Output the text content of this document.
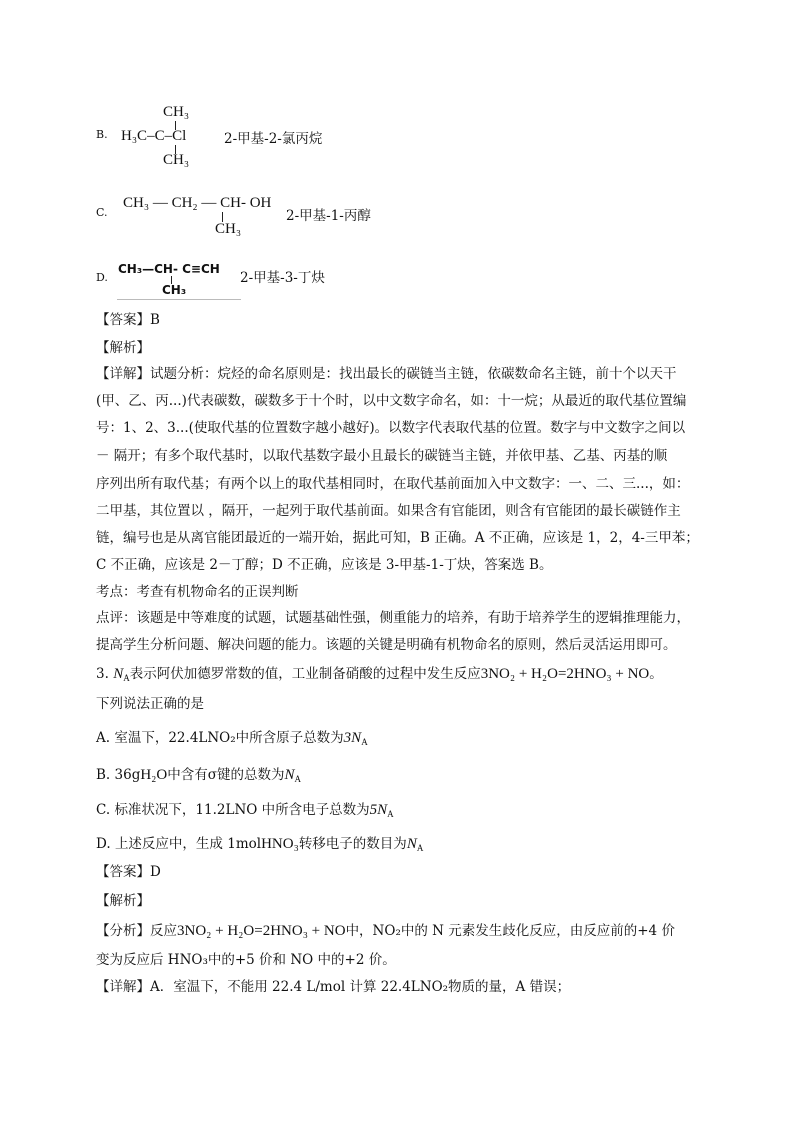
B.
CH₃
H₃C–C–Cl
CH₃
2-甲基-2-氯丙烷
C.
CH₃ — CH₂ — CH- OH
CH₃
2-甲基-1-丙醇
D.
CH₃—CH- C≡CH
CH₃
2-甲基-3-丁炔
【答案】B
【解析】
【详解】试题分析：烷烃的命名原则是：找出最长的碳链当主链，依碳数命名主链，前十个以天干
(甲、乙、丙...)代表碳数，碳数多于十个时，以中文数字命名，如：十一烷；从最近的取代基位置编
号：1、2、3...(使取代基的位置数字越小越好)。以数字代表取代基的位置。数字与中文数字之间以
－ 隔开；有多个取代基时，以取代基数字最小且最长的碳链当主链，并依甲基、乙基、丙基的顺
序列出所有取代基；有两个以上的取代基相同时，在取代基前面加入中文数字：一、二、三...，如：
二甲基，其位置以 ，隔开，一起列于取代基前面。如果含有官能团，则含有官能团的最长碳链作主
链，编号也是从离官能团最近的一端开始，据此可知，B 正确。A 不正确，应该是 1，2，4-三甲苯；
C 不正确，应该是 2－丁醇；D 不正确，应该是 3-甲基-1-丁炔，答案选 B。
考点：考查有机物命名的正误判断
点评：该题是中等难度的试题，试题基础性强，侧重能力的培养，有助于培养学生的逻辑推理能力，
提高学生分析问题、解决问题的能力。该题的关键是明确有机物命名的原则，然后灵活运用即可。
3. $N_A$表示阿伏加德罗常数的值，工业制备硝酸的过程中发生反应3NO₂ + H₂O=2HNO₃ + NO。
下列说法正确的是
A. 室温下，22.4LNO₂中所含原子总数为$3N_A$
B. 36gH₂O中含有σ键的总数为$N_A$
C. 标准状况下，11.2LNO 中所含电子总数为$5N_A$
D. 上述反应中，生成 1molHNO₃转移电子的数目为$N_A$
【答案】D
【解析】
【分析】反应3NO₂ + H₂O=2HNO₃ + NO中，NO₂中的 N 元素发生歧化反应，由反应前的+4 价
变为反应后 HNO₃中的+5 价和 NO 中的+2 价。
【详解】A．室温下，不能用 22.4 L/mol 计算 22.4LNO₂物质的量，A 错误；
